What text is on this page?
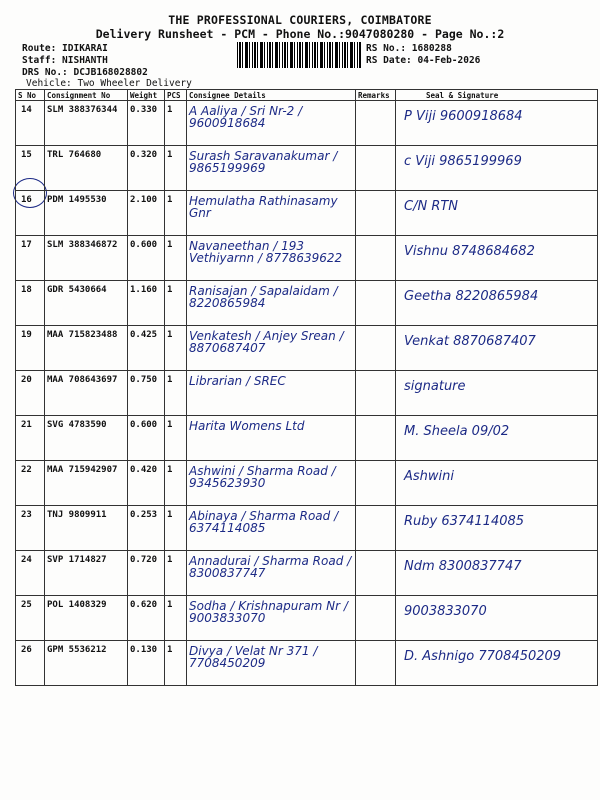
THE PROFESSIONAL COURIERS, COIMBATORE
Delivery Runsheet - PCM - Phone No.:9047080280 - Page No.:2
Route: IDIKARAI
Staff: NISHANTH
DRS No.: DCJB168028802
Vehicle: Two Wheeler Delivery
RS No.: 1680288
RS Date: 04-Feb-2026
S No	Consignment No	Weight	PCS	Consignee Details	Remarks	Seal & Signature
14	SLM 388376344	0.330	1	A Aaliya / Sri Nr-2 / 9600918684		P Viji 9600918684

15	TRL 764680	0.320	1	Surash Saravanakumar / 9865199969		c Viji 9865199969

16	PDM 1495530	2.100	1	Hemulatha Rathinasamy Gnr		C/N RTN

17	SLM 388346872	0.600	1	Navaneethan / 193 Vethiyarnn / 8778639622		Vishnu 8748684682

18	GDR 5430664	1.160	1	Ranisajan / Sapalaidam / 8220865984		Geetha 8220865984

19	MAA 715823488	0.425	1	Venkatesh / Anjey Srean / 8870687407		Venkat 8870687407

20	MAA 708643697	0.750	1	Librarian / SREC		signature

21	SVG 4783590	0.600	1	Harita Womens Ltd		M. Sheela 09/02

22	MAA 715942907	0.420	1	Ashwini / Sharma Road / 9345623930		Ashwini

23	TNJ 9809911	0.253	1	Abinaya / Sharma Road / 6374114085		Ruby 6374114085

24	SVP 1714827	0.720	1	Annadurai / Sharma Road / 8300837747		Ndm 8300837747

25	POL 1408329	0.620	1	Sodha / Krishnapuram Nr / 9003833070		9003833070

26	GPM 5536212	0.130	1	Divya / Velat Nr 371 / 7708450209		D. Ashnigo 7708450209
